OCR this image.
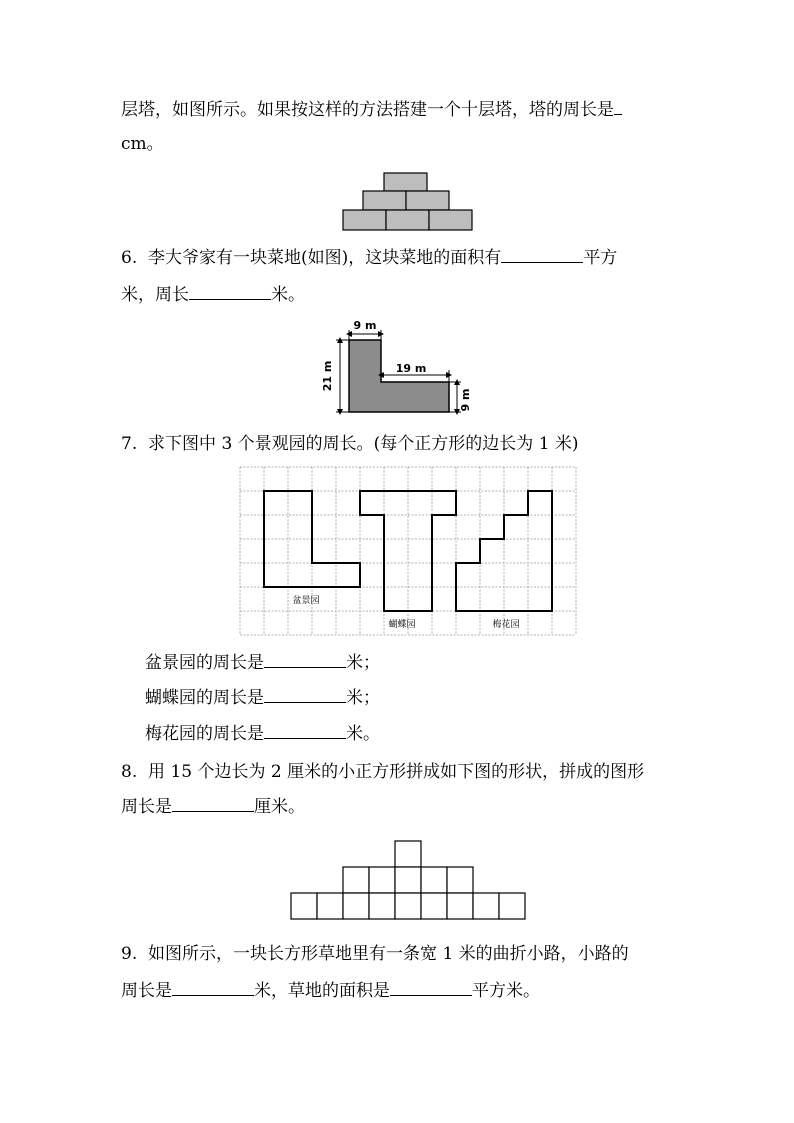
层塔，如图所示。如果按这样的方法搭建一个十层塔，塔的周长是
cm。
6. 李大爷家有一块菜地(如图)，这块菜地的面积有	平方
米，周长	米。
9 m
21 m	19 m
9 m
7. 求下图中 3 个景观园的周长。(每个正方形的边长为 1 米)
盆景园
蝴蝶园	梅花园
盆景园的周长是	米；
蝴蝶园的周长是	米；
梅花园的周长是	米。
8. 用 15 个边长为 2 厘米的小正方形拼成如下图的形状，拼成的图形
周长是	厘米。
9. 如图所示，一块长方形草地里有一条宽 1 米的曲折小路，小路的
周长是	米，草地的面积是	平方米。
